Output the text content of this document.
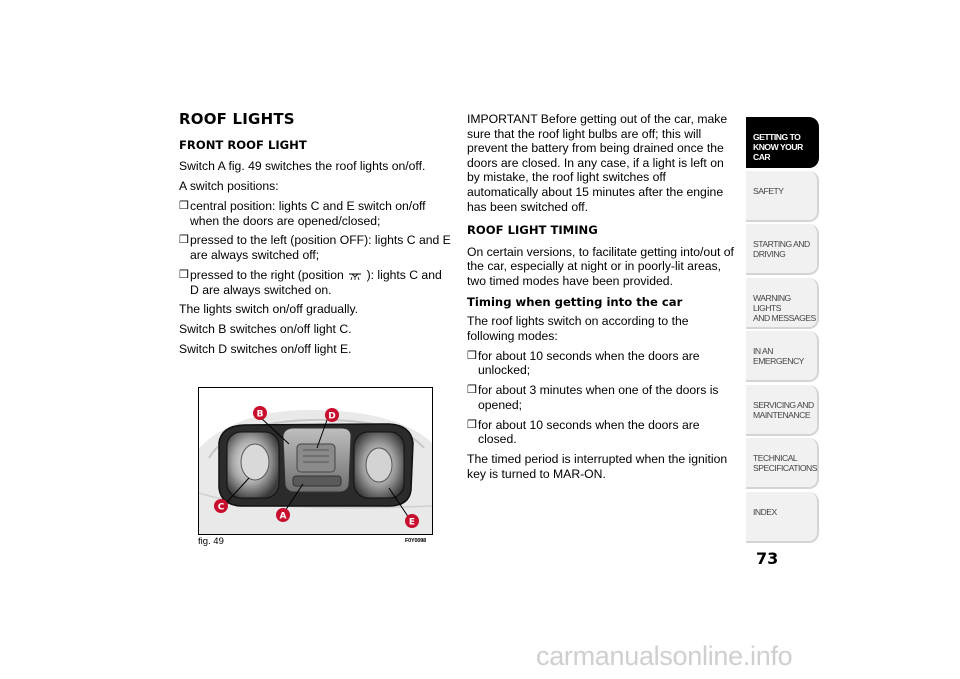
ROOF LIGHTS
FRONT ROOF LIGHT

Switch A fig. 49 switches the roof lights on/off.

A switch positions:

❒ central position: lights C and E switch on/off when the doors are opened/closed;
❒ pressed to the left (position OFF): lights C and E are always switched off;
❒ pressed to the right (position ): lights C and D are always switched on.

The lights switch on/off gradually.

Switch B switches on/off light C.

Switch D switches on/off light E.

IMPORTANT Before getting out of the car, make sure that the roof light bulbs are off; this will prevent the battery from being drained once the doors are closed. In any case, if a light is left on by mistake, the roof light switches off automatically about 15 minutes after the engine has been switched off.

ROOF LIGHT TIMING

On certain versions, to facilitate getting into/out of the car, especially at night or in poorly-lit areas, two timed modes have been provided.

Timing when getting into the car

The roof lights switch on according to the following modes:

❒ for about 10 seconds when the doors are unlocked;
❒ for about 3 minutes when one of the doors is opened;
❒ for about 10 seconds when the doors are closed.

The timed period is interrupted when the ignition key is turned to MAR-ON.

B	D
C
A
E
fig. 49	F0Y0098
GETTING TO
KNOW YOUR CAR
SAFETY
STARTING AND
DRIVING
WARNING LIGHTS
AND MESSAGES
IN AN EMERGENCY
SERVICING AND
MAINTENANCE
TECHNICAL
SPECIFICATIONS
INDEX
73
carmanualsonline.info
